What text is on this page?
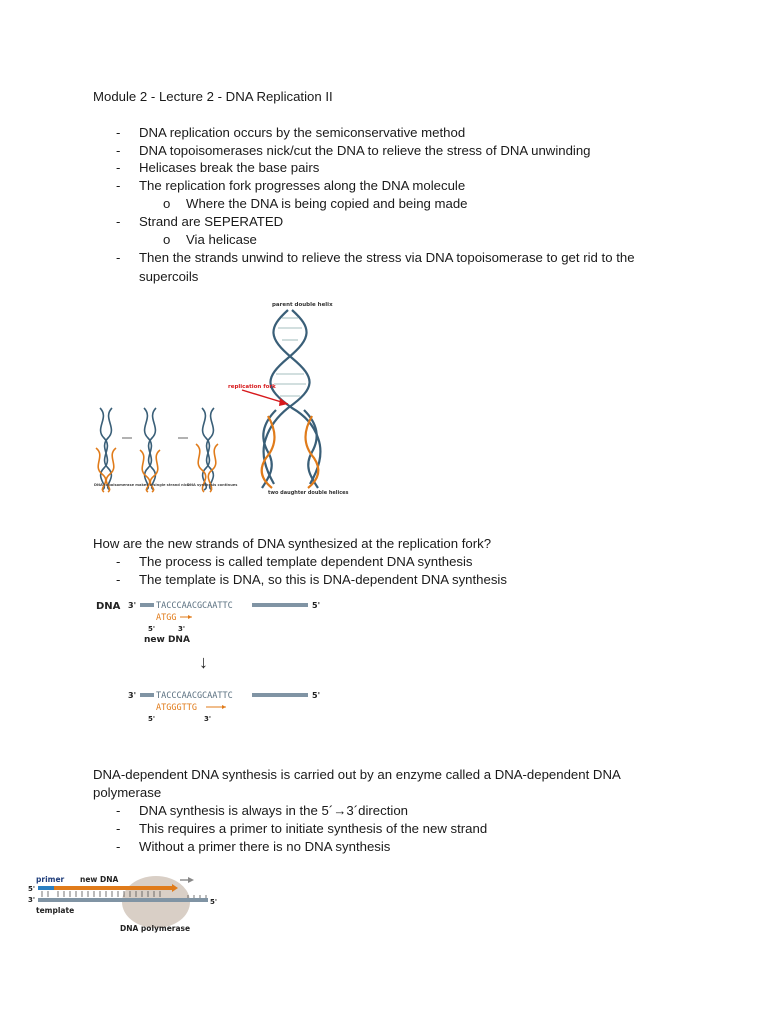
Module 2 - Lecture 2 - DNA Replication II
- DNA replication occurs by the semiconservative method
- DNA topoisomerases nick/cut the DNA to relieve the stress of DNA unwinding
- Helicases break the base pairs
- The replication fork progresses along the DNA molecule
o Where the DNA is being copied and being made
- Strand are SEPERATED
o Via helicase
- Then the strands unwind to relieve the stress via DNA topoisomerase to get rid to the
supercoils
parent double helix
replication fork
two daughter double helices
DNA topoisomerase makes a single strand nick
DNA synthesis continues
How are the new strands of DNA synthesized at the replication fork?
- The process is called template dependent DNA synthesis
- The template is DNA, so this is DNA-dependent DNA synthesis
DNA 3' TACCCAACGCAATTC	5'
ATGG
5'	3'
new DNA
↓
3' TACCCAACGCAATTC	5'
ATGGGTTG
5'	3'
DNA-dependent DNA synthesis is carried out by an enzyme called a DNA-dependent DNA
polymerase
- DNA synthesis is always in the 5´→3´direction
- This requires a primer to initiate synthesis of the new strand
- Without a primer there is no DNA synthesis
primer new DNA
5'
3'	5'
template
DNA polymerase
